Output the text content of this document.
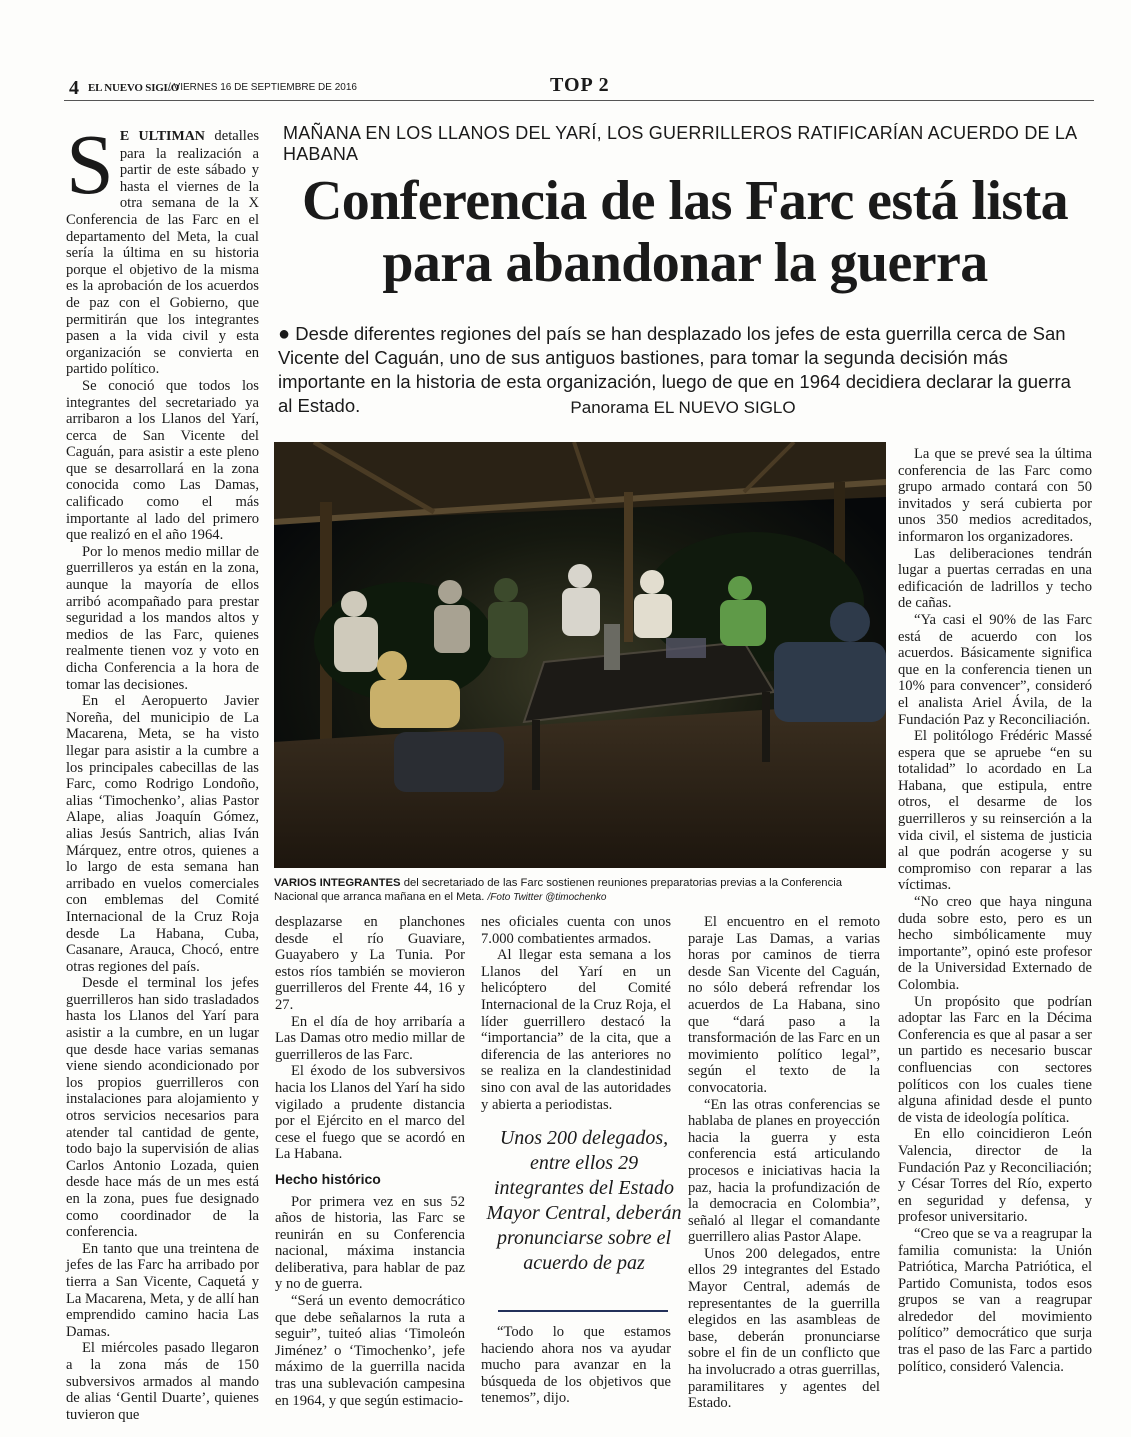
4 EL NUEVO SIGLO
/ VIERNES 16 DE SEPTIEMBRE DE 2016	TOP 2
MAÑANA EN LOS LLANOS DEL YARÍ, LOS GUERRILLEROS RATIFICARÍAN ACUERDO DE LA HABANA
Conferencia de las Farc está lista para abandonar la guerra
● Desde diferentes regiones del país se han desplazado los jefes de esta guerrilla cerca de San Vicente del Caguán, uno de sus antiguos bastiones, para tomar la segunda decisión más importante en la historia de esta organización, luego de que en 1964 decidiera declarar la guerra al Estado.	Panorama EL NUEVO SIGLO

S E ULTIMAN detalles para la realización a partir de este sábado y hasta el viernes de la otra semana de la X Conferencia de las Farc en el departamento del Meta, la cual sería la última en su historia porque el objetivo de la misma es la aprobación de los acuerdos de paz con el Gobierno, que permitirán que los integrantes pasen a la vida civil y esta organización se convierta en partido político.

Se conoció que todos los integrantes del secretariado ya arribaron a los Llanos del Yarí, cerca de San Vicente del Caguán, para asistir a este pleno que se desarrollará en la zona conocida como Las Damas, calificado como el más importante al lado del primero que realizó en el año 1964.

Por lo menos medio millar de guerrilleros ya están en la zona, aunque la mayoría de ellos arribó acompañado para prestar seguridad a los mandos altos y medios de las Farc, quienes realmente tienen voz y voto en dicha Conferencia a la hora de tomar las decisiones.

En el Aeropuerto Javier Noreña, del municipio de La Macarena, Meta, se ha visto llegar para asistir a la cumbre a los principales cabecillas de las Farc, como Rodrigo Londoño, alias ‘Timochenko’, alias Pastor Alape, alias Joaquín Gómez, alias Jesús Santrich, alias Iván Márquez, entre otros, quienes a lo largo de esta semana han arribado en vuelos comerciales con emblemas del Comité Internacional de la Cruz Roja desde La Habana, Cuba, Casanare, Arauca, Chocó, entre otras regiones del país.

Desde el terminal los jefes guerrilleros han sido trasladados hasta los Llanos del Yarí para asistir a la cumbre, en un lugar que desde hace varias semanas viene siendo acondicionado por los propios guerrilleros con instalaciones para alojamiento y otros servicios necesarios para atender tal cantidad de gente, todo bajo la supervisión de alias Carlos Antonio Lozada, quien desde hace más de un mes está en la zona, pues fue designado como coordinador de la conferencia.

En tanto que una treintena de jefes de las Farc ha arribado por tierra a San Vicente, Caquetá y La Macarena, Meta, y de allí han emprendido camino hacia Las Damas.

El miércoles pasado llegaron a la zona más de 150 subversivos armados al mando de alias ‘Gentil Duarte’, quienes tuvieron que

VARIOS INTEGRANTES del secretariado de las Farc sostienen reuniones preparatorias previas a la Conferencia Nacional que arranca mañana en el Meta. /Foto Twitter @timochenko

desplazarse en planchones desde el río Guaviare, Guayabero y La Tunia. Por estos ríos también se movieron guerrilleros del Frente 44, 16 y 27.

En el día de hoy arribaría a Las Damas otro medio millar de guerrilleros de las Farc.

El éxodo de los subversivos hacia los Llanos del Yarí ha sido vigilado a prudente distancia por el Ejército en el marco del cese el fuego que se acordó en La Habana.

Hecho histórico

Por primera vez en sus 52 años de historia, las Farc se reunirán en su Conferencia nacional, máxima instancia deliberativa, para hablar de paz y no de guerra.

“Será un evento democrático que debe señalarnos la ruta a seguir”, tuiteó alias ‘Timoleón Jiménez’ o ‘Timochenko’, jefe máximo de la guerrilla nacida tras una sublevación campesina en 1964, y que según estimacio-

nes oficiales cuenta con unos 7.000 combatientes armados.

Al llegar esta semana a los Llanos del Yarí en un helicóptero del Comité Internacional de la Cruz Roja, el líder guerrillero destacó la “importancia” de la cita, que a diferencia de las anteriores no se realiza en la clandestinidad sino con aval de las autoridades y abierta a periodistas.

Unos 200 delegados, entre ellos 29 integrantes del Estado Mayor Central, deberán pronunciarse sobre el acuerdo de paz

“Todo lo que estamos haciendo ahora nos va ayudar mucho para avanzar en la búsqueda de los objetivos que tenemos”, dijo.

El encuentro en el remoto paraje Las Damas, a varias horas por caminos de tierra desde San Vicente del Caguán, no sólo deberá refrendar los acuerdos de La Habana, sino que “dará paso a la transformación de las Farc en un movimiento político legal”, según el texto de la convocatoria.

“En las otras conferencias se hablaba de planes en proyección hacia la guerra y esta conferencia está articulando procesos e iniciativas hacia la paz, hacia la profundización de la democracia en Colombia”, señaló al llegar el comandante guerrillero alias Pastor Alape.

Unos 200 delegados, entre ellos 29 integrantes del Estado Mayor Central, además de representantes de la guerrilla elegidos en las asambleas de base, deberán pronunciarse sobre el fin de un conflicto que ha involucrado a otras guerrillas, paramilitares y agentes del Estado.

La que se prevé sea la última conferencia de las Farc como grupo armado contará con 50 invitados y será cubierta por unos 350 medios acreditados, informaron los organizadores.

Las deliberaciones tendrán lugar a puertas cerradas en una edificación de ladrillos y techo de cañas.

“Ya casi el 90% de las Farc está de acuerdo con los acuerdos. Básicamente significa que en la conferencia tienen un 10% para convencer”, consideró el analista Ariel Ávila, de la Fundación Paz y Reconciliación.

El politólogo Frédéric Massé espera que se apruebe “en su totalidad” lo acordado en La Habana, que estipula, entre otros, el desarme de los guerrilleros y su reinserción a la vida civil, el sistema de justicia al que podrán acogerse y su compromiso con reparar a las víctimas.

“No creo que haya ninguna duda sobre esto, pero es un hecho simbólicamente muy importante”, opinó este profesor de la Universidad Externado de Colombia.

Un propósito que podrían adoptar las Farc en la Décima Conferencia es que al pasar a ser un partido es necesario buscar confluencias con sectores políticos con los cuales tiene alguna afinidad desde el punto de vista de ideología política.

En ello coincidieron León Valencia, director de la Fundación Paz y Reconciliación; y César Torres del Río, experto en seguridad y defensa, y profesor universitario.

“Creo que se va a reagrupar la familia comunista: la Unión Patriótica, Marcha Patriótica, el Partido Comunista, todos esos grupos se van a reagrupar alrededor del movimiento político” democrático que surja tras el paso de las Farc a partido político, consideró Valencia.
